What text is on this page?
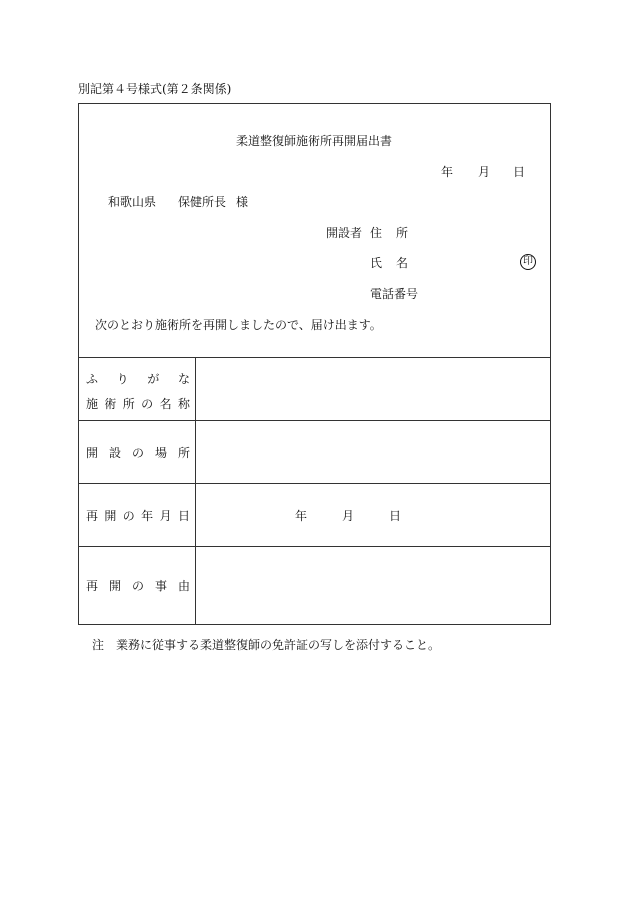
別記第４号様式(第２条関係)
柔道整復師施術所再開届出書
年 月 日
和歌山県 保健所長 様
開設者 住 所
氏 名	印
電話番号
次のとおり施術所を再開しましたので、届け出ます。
ふ り が な
施 術 所 の 名 称
開 設 の 場 所
再 開 の 年 月 日	年	月	日
再 開 の 事 由
注　業務に従事する柔道整復師の免許証の写しを添付すること。
